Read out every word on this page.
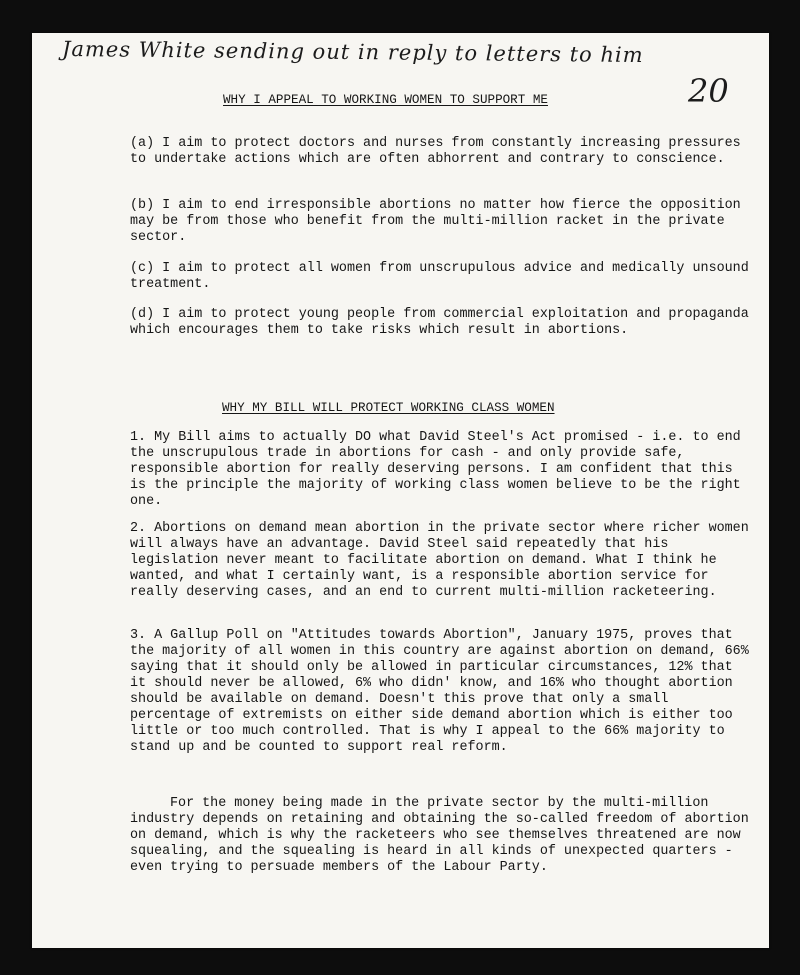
James White sending out in reply to letters to him
20
WHY I APPEAL TO WORKING WOMEN TO SUPPORT ME
(a) I aim to protect doctors and nurses from constantly increasing pressures to undertake actions which are often abhorrent and contrary to conscience.
(b) I aim to end irresponsible abortions no matter how fierce the opposition may be from those who benefit from the multi-million racket in the private sector.
(c) I aim to protect all women from unscrupulous advice and medically unsound treatment.
(d) I aim to protect young people from commercial exploitation and propaganda which encourages them to take risks which result in abortions.
WHY MY BILL WILL PROTECT WORKING CLASS WOMEN
1. My Bill aims to actually DO what David Steel's Act promised - i.e. to end the unscrupulous trade in abortions for cash - and only provide safe, responsible abortion for really deserving persons. I am confident that this is the principle the majority of working class women believe to be the right one.
2. Abortions on demand mean abortion in the private sector where richer women will always have an advantage. David Steel said repeatedly that his legislation never meant to facilitate abortion on demand. What I think he wanted, and what I certainly want, is a responsible abortion service for really deserving cases, and an end to current multi-million racketeering.
3. A Gallup Poll on "Attitudes towards Abortion", January 1975, proves that the majority of all women in this country are against abortion on demand, 66% saying that it should only be allowed in particular circumstances, 12% that it should never be allowed, 6% who didn' know, and 16% who thought abortion should be available on demand. Doesn't this prove that only a small percentage of extremists on either side demand abortion which is either too little or too much controlled. That is why I appeal to the 66% majority to stand up and be counted to support real reform.
For the money being made in the private sector by the multi-million industry depends on retaining and obtaining the so-called freedom of abortion on demand, which is why the racketeers who see themselves threatened are now squealing, and the squealing is heard in all kinds of unexpected quarters - even trying to persuade members of the Labour Party.
